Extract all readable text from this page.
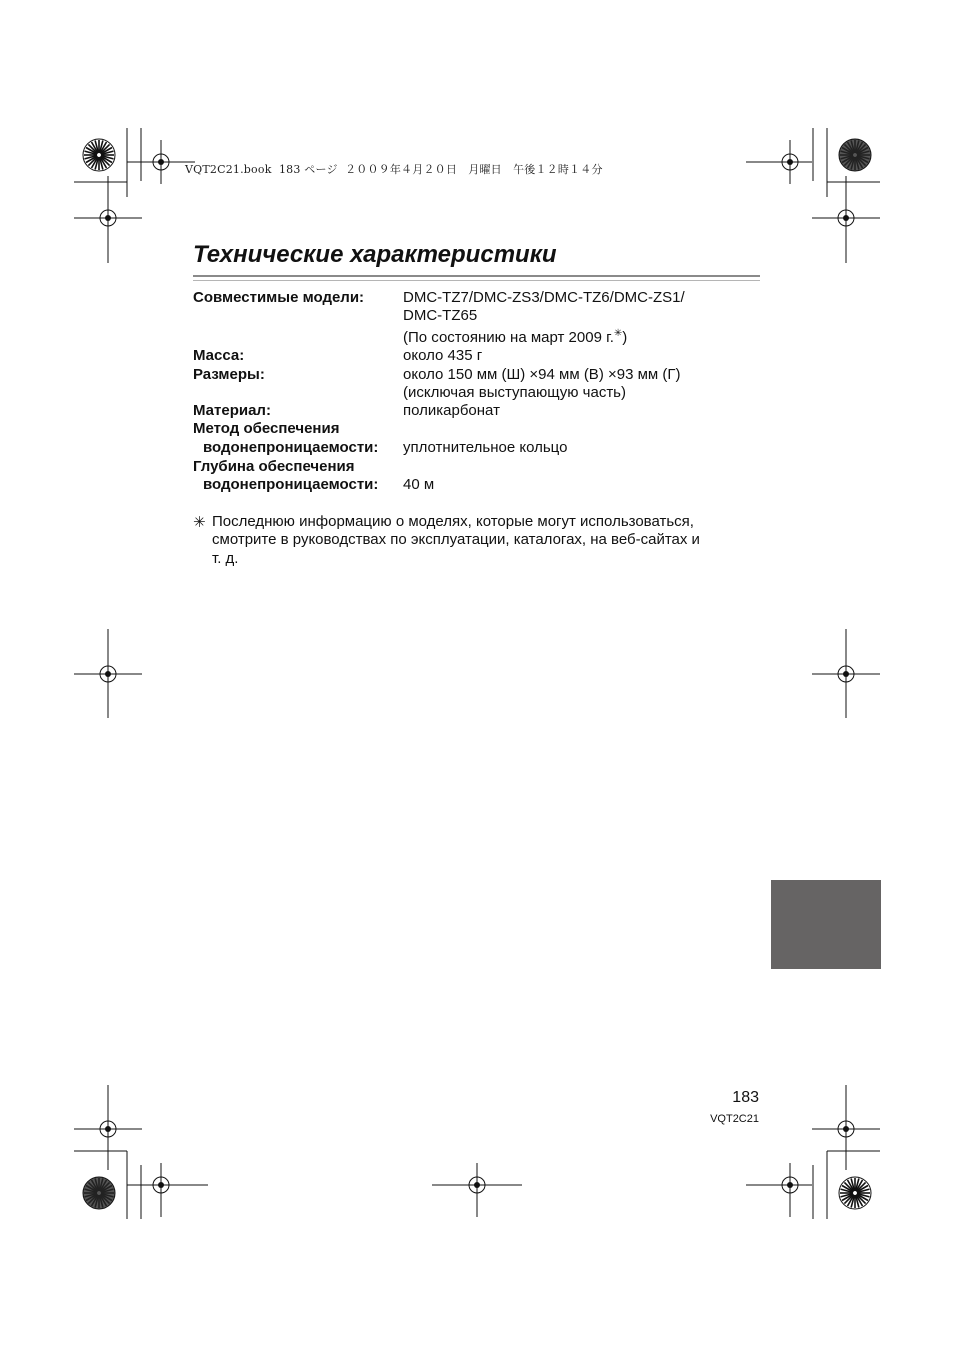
VQT2C21.book 183 ページ ２００９年４月２０日　月曜日　午後１２時１４分
Технические характеристики
Совместимые модели:	DMC-TZ7/DMC-ZS3/DMC-TZ6/DMC-ZS1/
DMC-TZ65
(По состоянию на март 2009 г.✳)
Масса:	около 435 г
Размеры:	около 150 мм (Ш) ×94 мм (В) ×93 мм (Г)
(исключая выступающую часть)
Материал:	поликарбонат
Метод обеспечения
водонепроницаемости: уплотнительное кольцо
Глубина обеспечения
водонепроницаемости: 40 м
✳ Последнюю информацию о моделях, которые могут использоваться,
смотрите в руководствах по эксплуатации, каталогах, на веб-сайтах и
т. д.
183
VQT2C21
